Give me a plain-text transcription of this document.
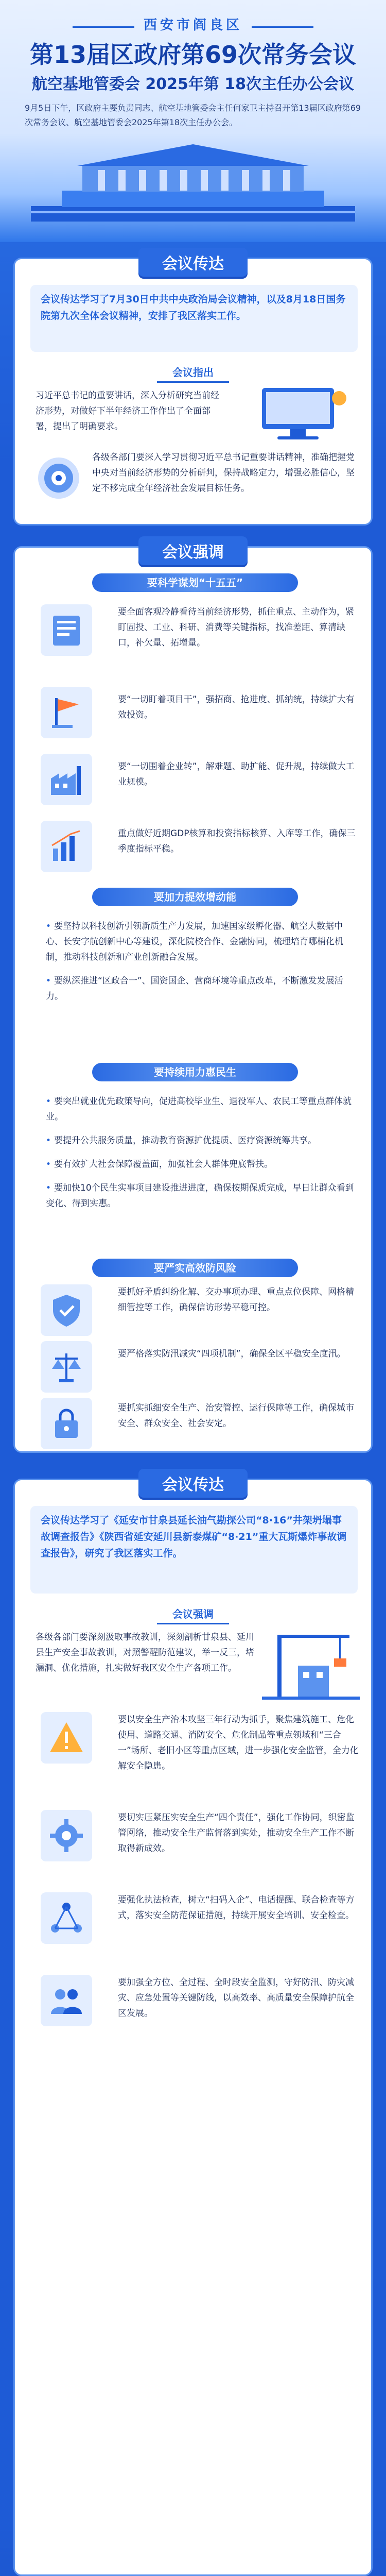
西安市阎良区
第13届区政府第69次常务会议
航空基地管委会 2025年第 18次主任办公会议
9月5日下午，区政府主要负责同志、航空基地管委会主任何家卫主持召开第13届区政府第69次常务会议、航空基地管委会2025年第18次主任办公会。
会议传达
会议传达学习了7月30日中共中央政治局会议精神，以及8月18日国务院第九次全体会议精神，安排了我区落实工作。
会议指出
习近平总书记的重要讲话，深入分析研究当前经济形势，对做好下半年经济工作作出了全面部署，提出了明确要求。
各级各部门要深入学习贯彻习近平总书记重要讲话精神，准确把握党中央对当前经济形势的分析研判，保持战略定力，增强必胜信心，坚定不移完成全年经济社会发展目标任务。
会议强调
要科学谋划“十五五”
要全面客观冷静看待当前经济形势，抓住重点、主动作为，紧盯固投、工业、科研、消费等关键指标，找准差距、算清缺口，补欠量、拓增量。
要“一切盯着项目干”，强招商、抢进度、抓纳统，持续扩大有效投资。
要“一切围着企业转”，解难题、助扩能、促升规，持续做大工业规模。
重点做好近期GDP核算和投资指标核算、入库等工作，确保三季度指标平稳。
要加力提效增动能

• 要坚持以科技创新引领新质生产力发展，加速国家级孵化器、航空大数据中心、长安字航创新中心等建设，深化院校合作、金融协同，梳理培育哪梢化机制，推动科技创新和产业创新融合发展。

• 要纵深推进“区政合一”、国资国企、营商环境等重点改革，不断激发发展活力。

要持续用力惠民生

• 要突出就业优先政策导向，促进高校毕业生、退役军人、农民工等重点群体就业。

• 要提升公共服务质量，推动教育资源扩优提质、医疗资源统筹共享。

• 要有效扩大社会保障覆盖面，加强社会人群体兜底帮扶。

• 要加快10个民生实事项目建设推进进度，确保按期保质完成，早日让群众看到变化、得到实惠。

要严实高效防风险
要抓好矛盾纠纷化解、交办事项办理、重点点位保障、网格精细管控等工作，确保信访形势平稳可控。
要严格落实防汛减灾“四项机制”，确保全区平稳安全度汛。
要抓实抓细安全生产、治安管控、运行保障等工作，确保城市安全、群众安全、社会安定。
会议传达
会议传达学习了《延安市甘泉县延长油气勘探公司“8·16”井架坍塌事故调查报告》《陕西省延安延川县新泰煤矿“8·21”重大瓦斯爆炸事故调查报告》，研究了我区落实工作。
会议强调
各级各部门要深刻汲取事故教训，深刻剖析甘泉县、延川县生产安全事故教训，对照警醒防范建议，举一反三，堵漏洞、优化措施，扎实做好我区安全生产各项工作。
要以安全生产治本攻坚三年行动为抓手，聚焦建筑施工、危化使用、道路交通、消防安全、危化制品等重点领域和“三合一”场所、老旧小区等重点区域，进一步强化安全监管，全力化解安全隐患。
要切实压紧压实安全生产“四个责任”，强化工作协同，织密监管网络，推动安全生产监督落到实处，推动安全生产工作不断取得新成效。
要强化执法检查，树立“扫码入企”、电话提醒、联合检查等方式，落实安全防范保证措施，持续开展安全培训、安全检查。
要加强全方位、全过程、全时段安全监测，守好防汛、防灾减灾、应急处置等关键防线，以高效率、高质量安全保障护航全区发展。
